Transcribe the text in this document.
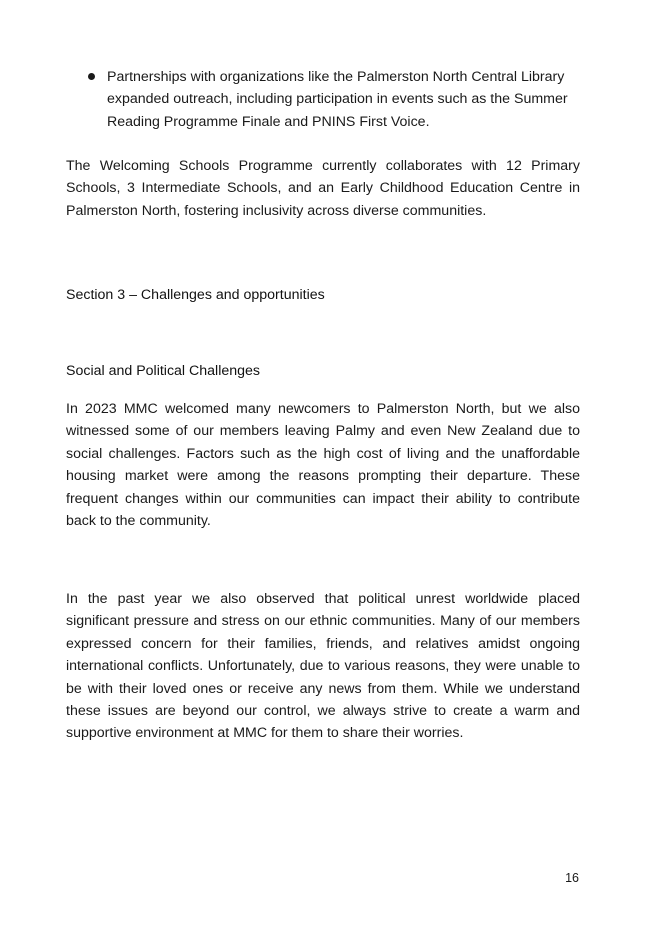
Partnerships with organizations like the Palmerston North Central Library expanded outreach, including participation in events such as the Summer Reading Programme Finale and PNINS First Voice.

The Welcoming Schools Programme currently collaborates with 12 Primary Schools, 3 Intermediate Schools, and an Early Childhood Education Centre in Palmerston North, fostering inclusivity across diverse communities.

Section 3 – Challenges and opportunities
Social and Political Challenges

In 2023 MMC welcomed many newcomers to Palmerston North, but we also witnessed some of our members leaving Palmy and even New Zealand due to social challenges. Factors such as the high cost of living and the unaffordable housing market were among the reasons prompting their departure. These frequent changes within our communities can impact their ability to contribute back to the community.

In the past year we also observed that political unrest worldwide placed significant pressure and stress on our ethnic communities. Many of our members expressed concern for their families, friends, and relatives amidst ongoing international conflicts. Unfortunately, due to various reasons, they were unable to be with their loved ones or receive any news from them. While we understand these issues are beyond our control, we always strive to create a warm and supportive environment at MMC for them to share their worries.

16
